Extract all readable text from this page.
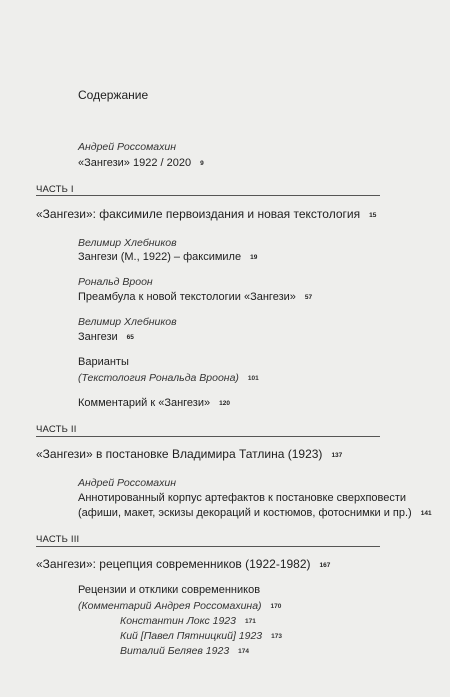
Содержание
Андрей Россомахин
«Зангези» 1922 / 2020 9
ЧАСТЬ I
«Зангези»: факсимиле первоиздания и новая текстология 15
Велимир Хлебников
Зангези (М., 1922) – факсимиле 19
Рональд Вроон
Преамбула к новой текстологии «Зангези» 57
Велимир Хлебников
Зангези 65
Варианты
(Текстология Рональда Вроона) 101
Комментарий к «Зангези» 120
ЧАСТЬ II
«Зангези» в постановке Владимира Татлина (1923) 137
Андрей Россомахин
Аннотированный корпус артефактов к постановке сверхповести
(афиши, макет, эскизы декораций и костюмов, фотоснимки и пр.) 141
ЧАСТЬ III
«Зангези»: рецепция современников (1922-1982) 167
Рецензии и отклики современников
(Комментарий Андрея Россомахина) 170
Константин Локс 1923 171
Кий [Павел Пятницкий] 1923 173
Виталий Беляев 1923 174
